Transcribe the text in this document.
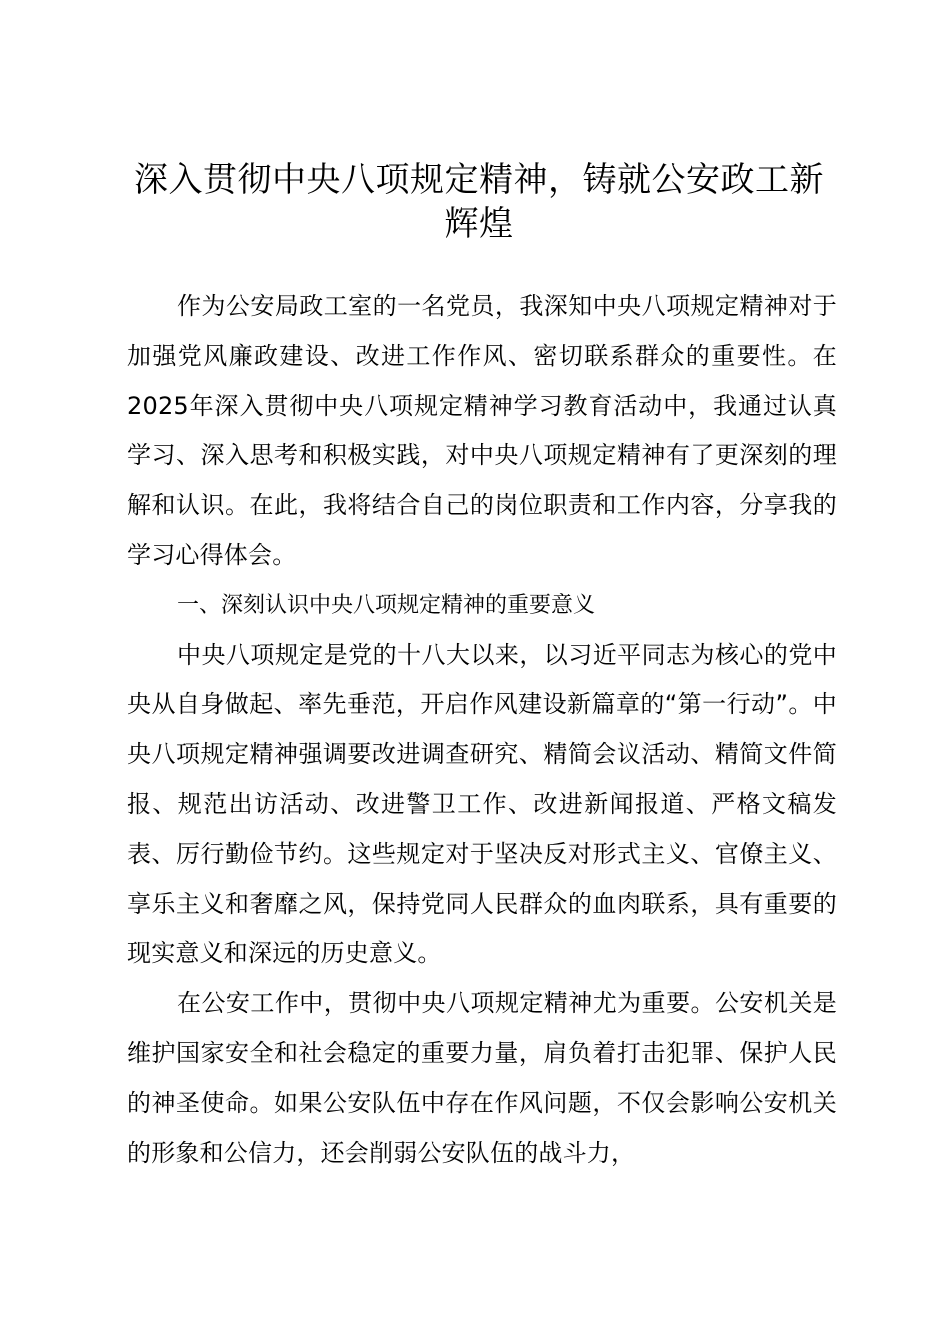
深入贯彻中央八项规定精神，铸就公安政工新辉煌

作为公安局政工室的一名党员，我深知中央八项规定精神对于加强党风廉政建设、改进工作作风、密切联系群众的重要性。在2025年深入贯彻中央八项规定精神学习教育活动中，我通过认真学习、深入思考和积极实践，对中央八项规定精神有了更深刻的理解和认识。在此，我将结合自己的岗位职责和工作内容，分享我的学习心得体会。

一、深刻认识中央八项规定精神的重要意义

中央八项规定是党的十八大以来，以习近平同志为核心的党中央从自身做起、率先垂范，开启作风建设新篇章的“第一行动”。中央八项规定精神强调要改进调查研究、精简会议活动、精简文件简报、规范出访活动、改进警卫工作、改进新闻报道、严格文稿发表、厉行勤俭节约。这些规定对于坚决反对形式主义、官僚主义、享乐主义和奢靡之风，保持党同人民群众的血肉联系，具有重要的现实意义和深远的历史意义。

在公安工作中，贯彻中央八项规定精神尤为重要。公安机关是维护国家安全和社会稳定的重要力量，肩负着打击犯罪、保护人民的神圣使命。如果公安队伍中存在作风问题，不仅会影响公安机关的形象和公信力，还会削弱公安队伍的战斗力，
